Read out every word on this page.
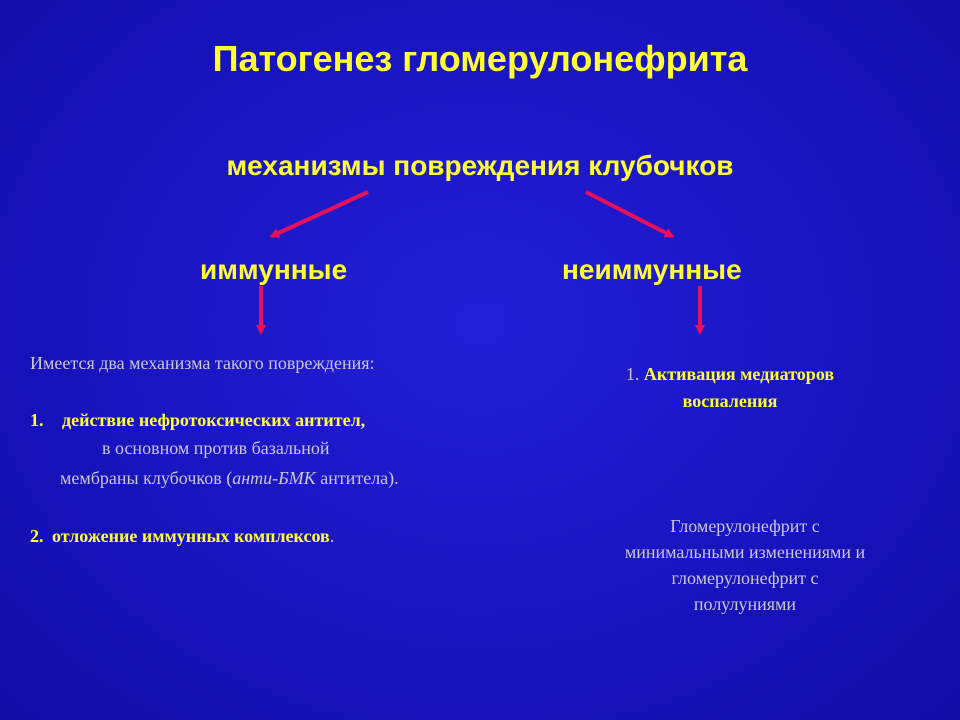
Патогенез гломерулонефрита
механизмы повреждения клубочков
иммунные	неиммунные
Имеется два механизма такого повреждения:
1. действие нефротоксических антител,
в основном против базальной
мембраны клубочков (анти-БМК антитела).
2. отложение иммунных комплексов.
1. Активация медиаторов
воспаления
Гломерулонефрит с
минимальными изменениями и
гломерулонефрит с
полулуниями
